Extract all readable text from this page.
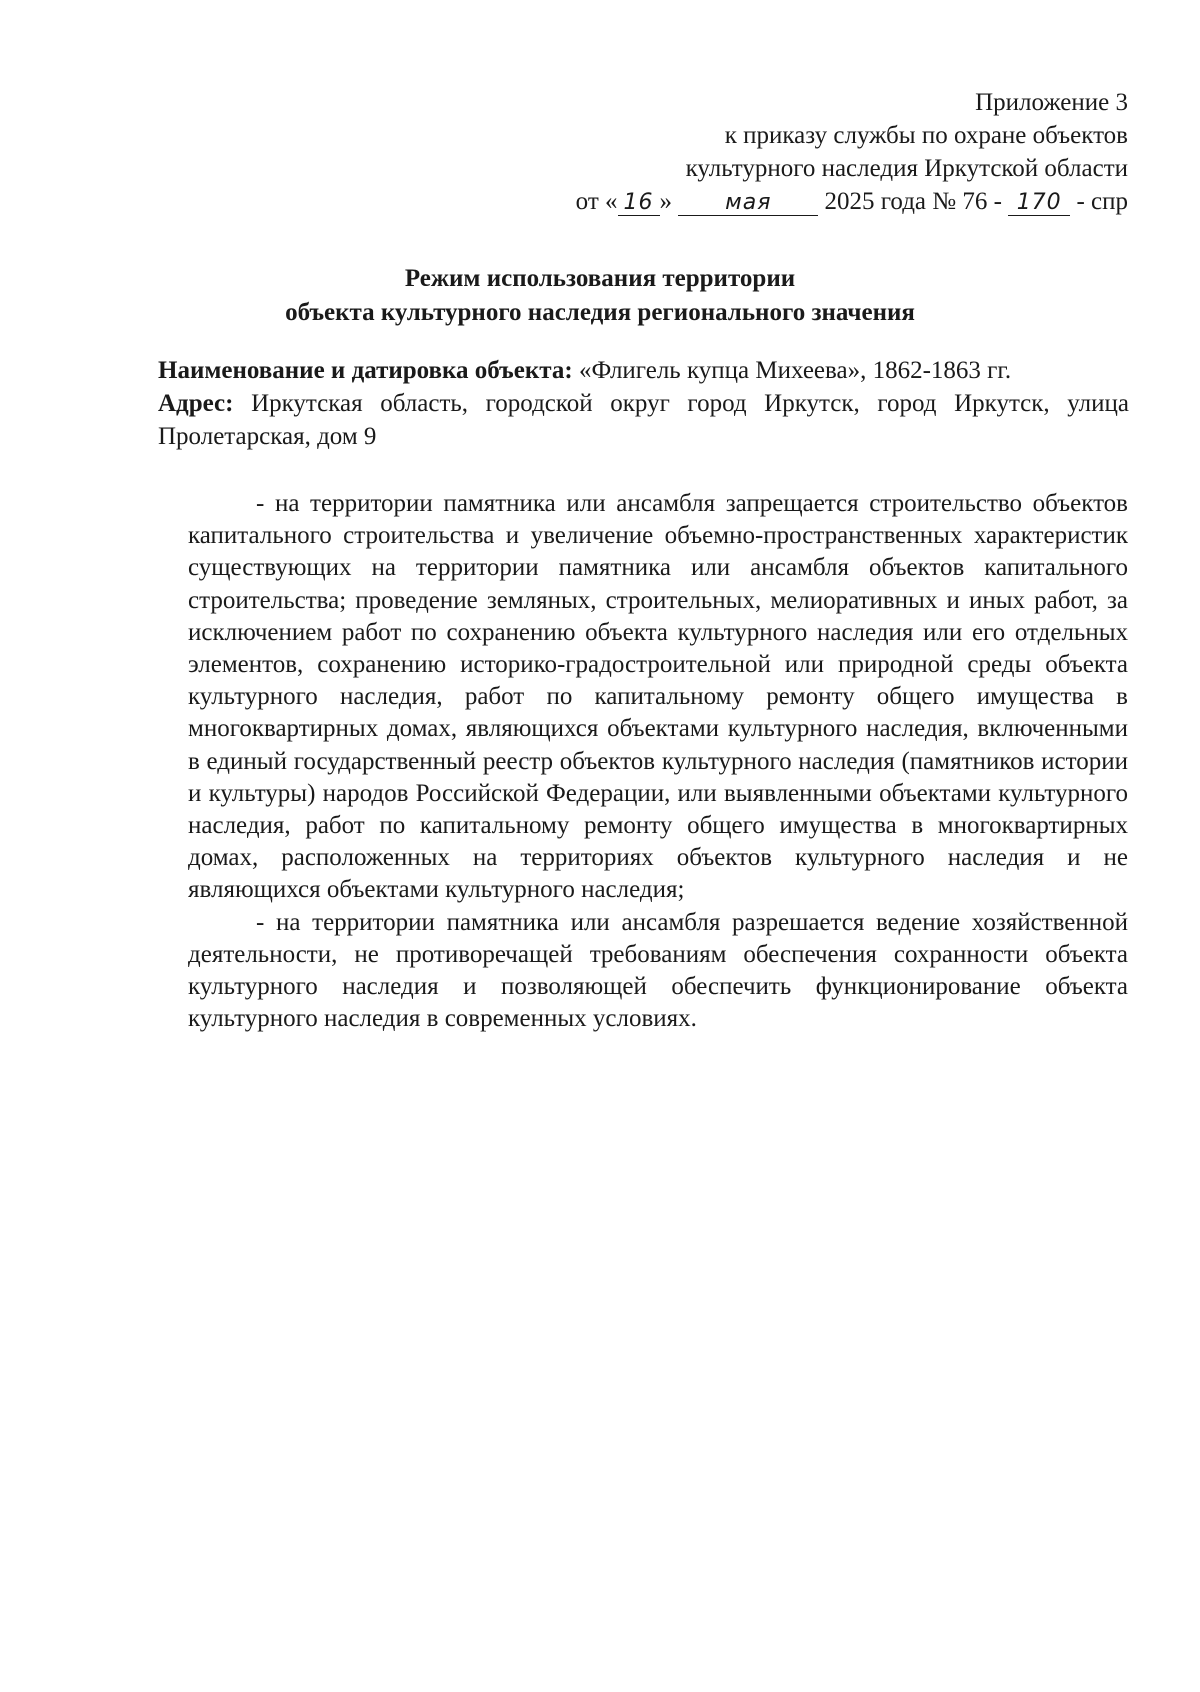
Приложение 3
к приказу службы по охране объектов
культурного наследия Иркутской области
от « 16 » мая 2025 года № 76 - 170 - спр
Режим использования территории
объекта культурного наследия регионального значения

Наименование и датировка объекта: «Флигель купца Михеева», 1862-1863 гг.

Адрес: Иркутская область, городской округ город Иркутск, город Иркутск, улица Пролетарская, дом 9

- на территории памятника или ансамбля запрещается строительство объектов капитального строительства и увеличение объемно-пространственных характеристик существующих на территории памятника или ансамбля объектов капитального строительства; проведение земляных, строительных, мелиоративных и иных работ, за исключением работ по сохранению объекта культурного наследия или его отдельных элементов, сохранению историко-градостроительной или природной среды объекта культурного наследия, работ по капитальному ремонту общего имущества в многоквартирных домах, являющихся объектами культурного наследия, включенными в единый государственный реестр объектов культурного наследия (памятников истории и культуры) народов Российской Федерации, или выявленными объектами культурного наследия, работ по капитальному ремонту общего имущества в многоквартирных домах, расположенных на территориях объектов культурного наследия и не являющихся объектами культурного наследия;

- на территории памятника или ансамбля разрешается ведение хозяйственной деятельности, не противоречащей требованиям обеспечения сохранности объекта культурного наследия и позволяющей обеспечить функционирование объекта культурного наследия в современных условиях.
